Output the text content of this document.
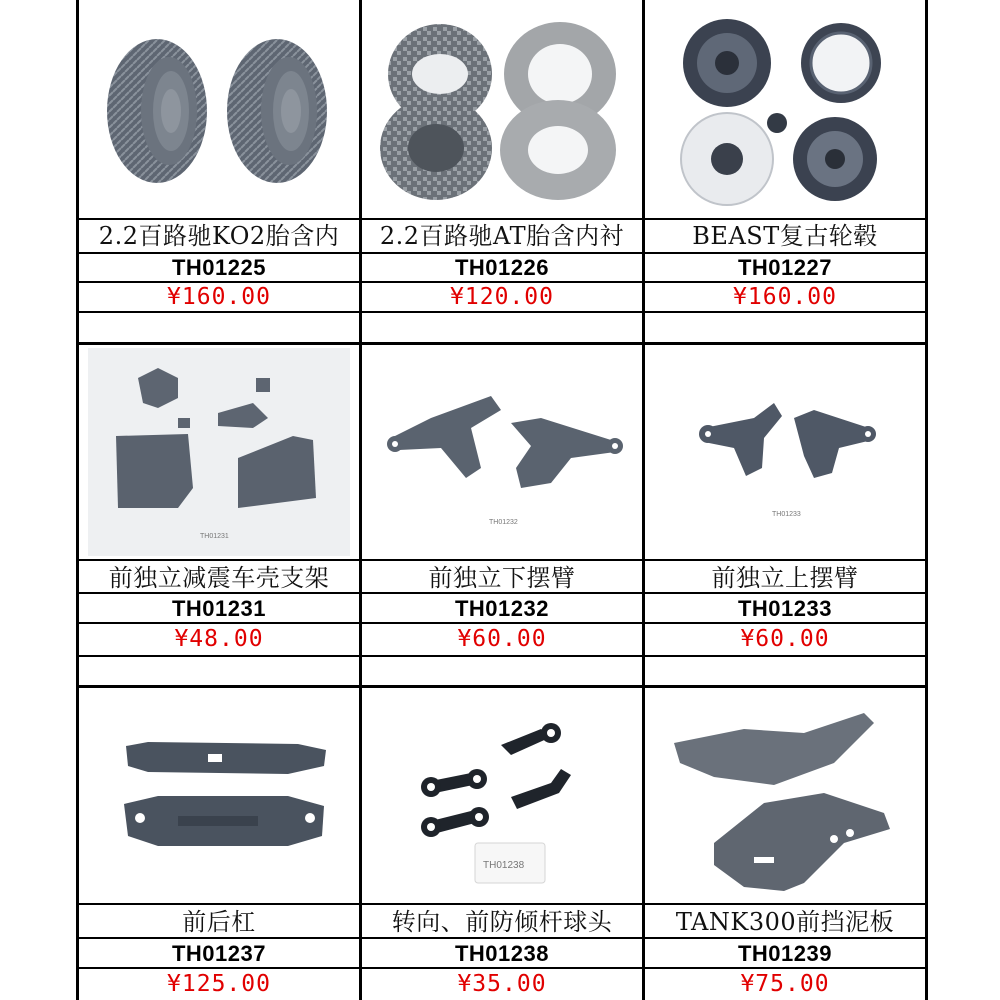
2.2百路驰KO2胎含内
TH01225
¥160.00
2.2百路驰AT胎含内衬
TH01226
¥120.00
BEAST复古轮毂
TH01227
¥160.00
TH01231
前独立减震车壳支架
TH01231
¥48.00
TH01232
前独立下摆臂
TH01232
¥60.00
TH01233
前独立上摆臂
TH01233
¥60.00
前后杠
TH01237
¥125.00
TH01238
转向、前防倾杆球头
TH01238
¥35.00
TANK300前挡泥板
TH01239
¥75.00
